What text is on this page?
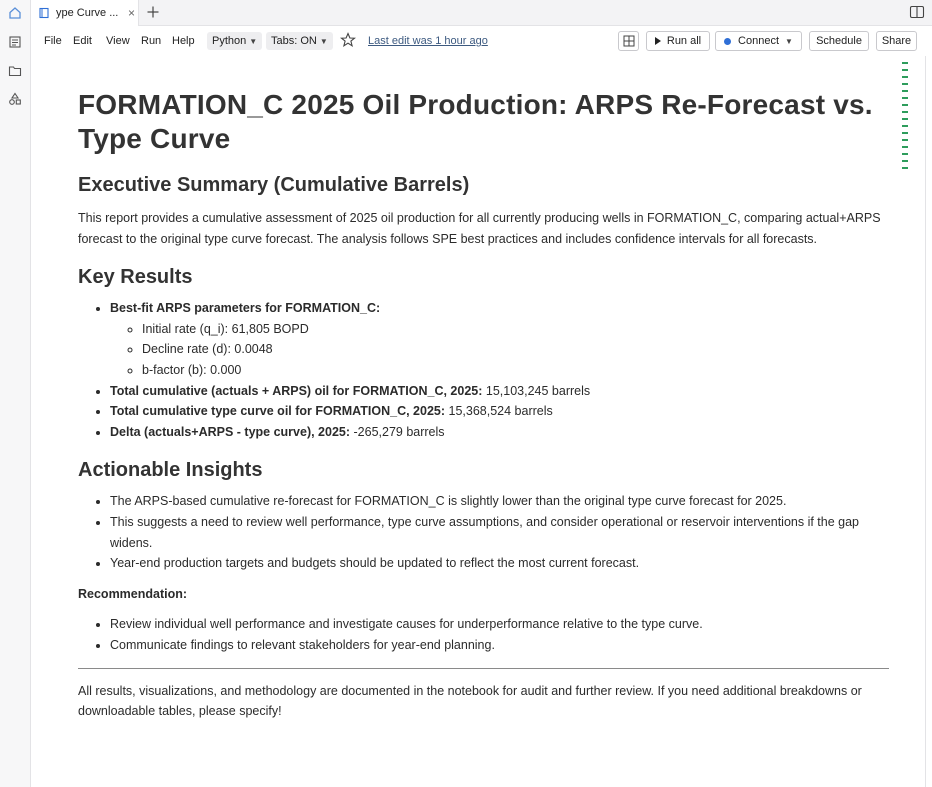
ype Curve ... ×
File Edit View Run Help Python ▼ Tabs: ON ▼	Last edit was 1 hour ago	Run all	Connect ▼ Schedule Share
FORMATION_C 2025 Oil Production: ARPS Re-Forecast vs. Type Curve
Executive Summary (Cumulative Barrels)

This report provides a cumulative assessment of 2025 oil production for all currently producing wells in FORMATION_C, comparing actual+ARPS forecast to the original type curve forecast. The analysis follows SPE best practices and includes confidence intervals for all forecasts.

Key Results
• Best-fit ARPS parameters for FORMATION_C:
◦ Initial rate (q_i): 61,805 BOPD
◦ Decline rate (d): 0.0048
◦ b-factor (b): 0.000
• Total cumulative (actuals + ARPS) oil for FORMATION_C, 2025: 15,103,245 barrels
• Total cumulative type curve oil for FORMATION_C, 2025: 15,368,524 barrels
• Delta (actuals+ARPS - type curve), 2025: -265,279 barrels
Actionable Insights
• The ARPS-based cumulative re-forecast for FORMATION_C is slightly lower than the original type curve forecast for 2025.
• This suggests a need to review well performance, type curve assumptions, and consider operational or reservoir interventions if the gap widens.
• Year-end production targets and budgets should be updated to reflect the most current forecast.

Recommendation:

• Review individual well performance and investigate causes for underperformance relative to the type curve.
• Communicate findings to relevant stakeholders for year-end planning.

All results, visualizations, and methodology are documented in the notebook for audit and further review. If you need additional breakdowns or downloadable tables, please specify!
